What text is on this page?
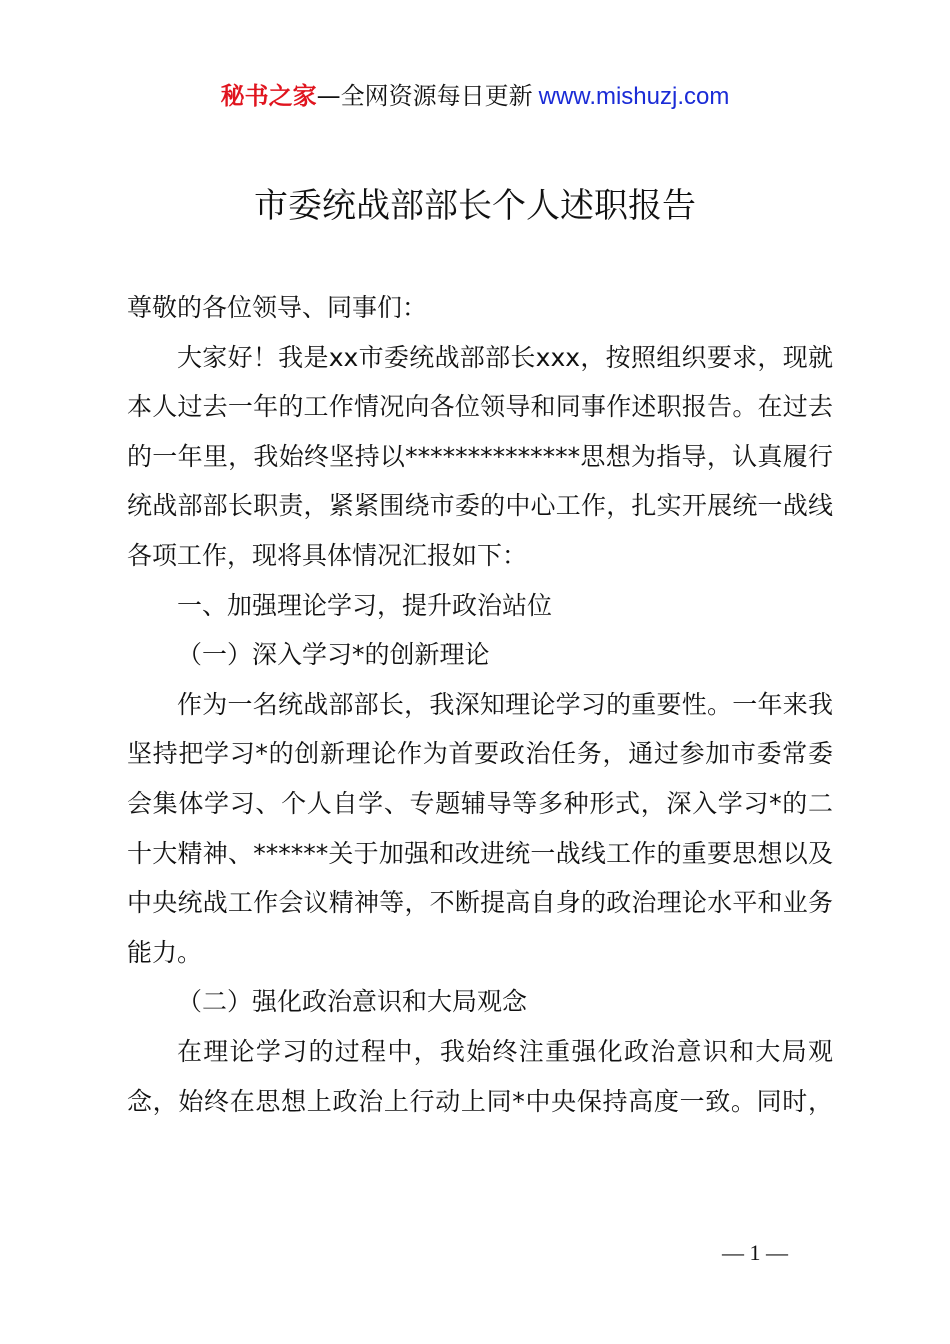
秘书之家—全网资源每日更新 www.mishuzj.com
市委统战部部长个人述职报告

尊敬的各位领导、同事们：

大家好！我是xx市委统战部部长xxx，按照组织要求，现就本人过去一年的工作情况向各位领导和同事作述职报告。在过去的一年里，我始终坚持以**************思想为指导，认真履行统战部部长职责，紧紧围绕市委的中心工作，扎实开展统一战线各项工作，现将具体情况汇报如下：

一、加强理论学习，提升政治站位

（一）深入学习*的创新理论

作为一名统战部部长，我深知理论学习的重要性。一年来我坚持把学习*的创新理论作为首要政治任务，通过参加市委常委会集体学习、个人自学、专题辅导等多种形式，深入学习*的二十大精神、******关于加强和改进统一战线工作的重要思想以及中央统战工作会议精神等，不断提高自身的政治理论水平和业务能力。

（二）强化政治意识和大局观念

在理论学习的过程中，我始终注重强化政治意识和大局观念，始终在思想上政治上行动上同*中央保持高度一致。同时，

— 1 —
